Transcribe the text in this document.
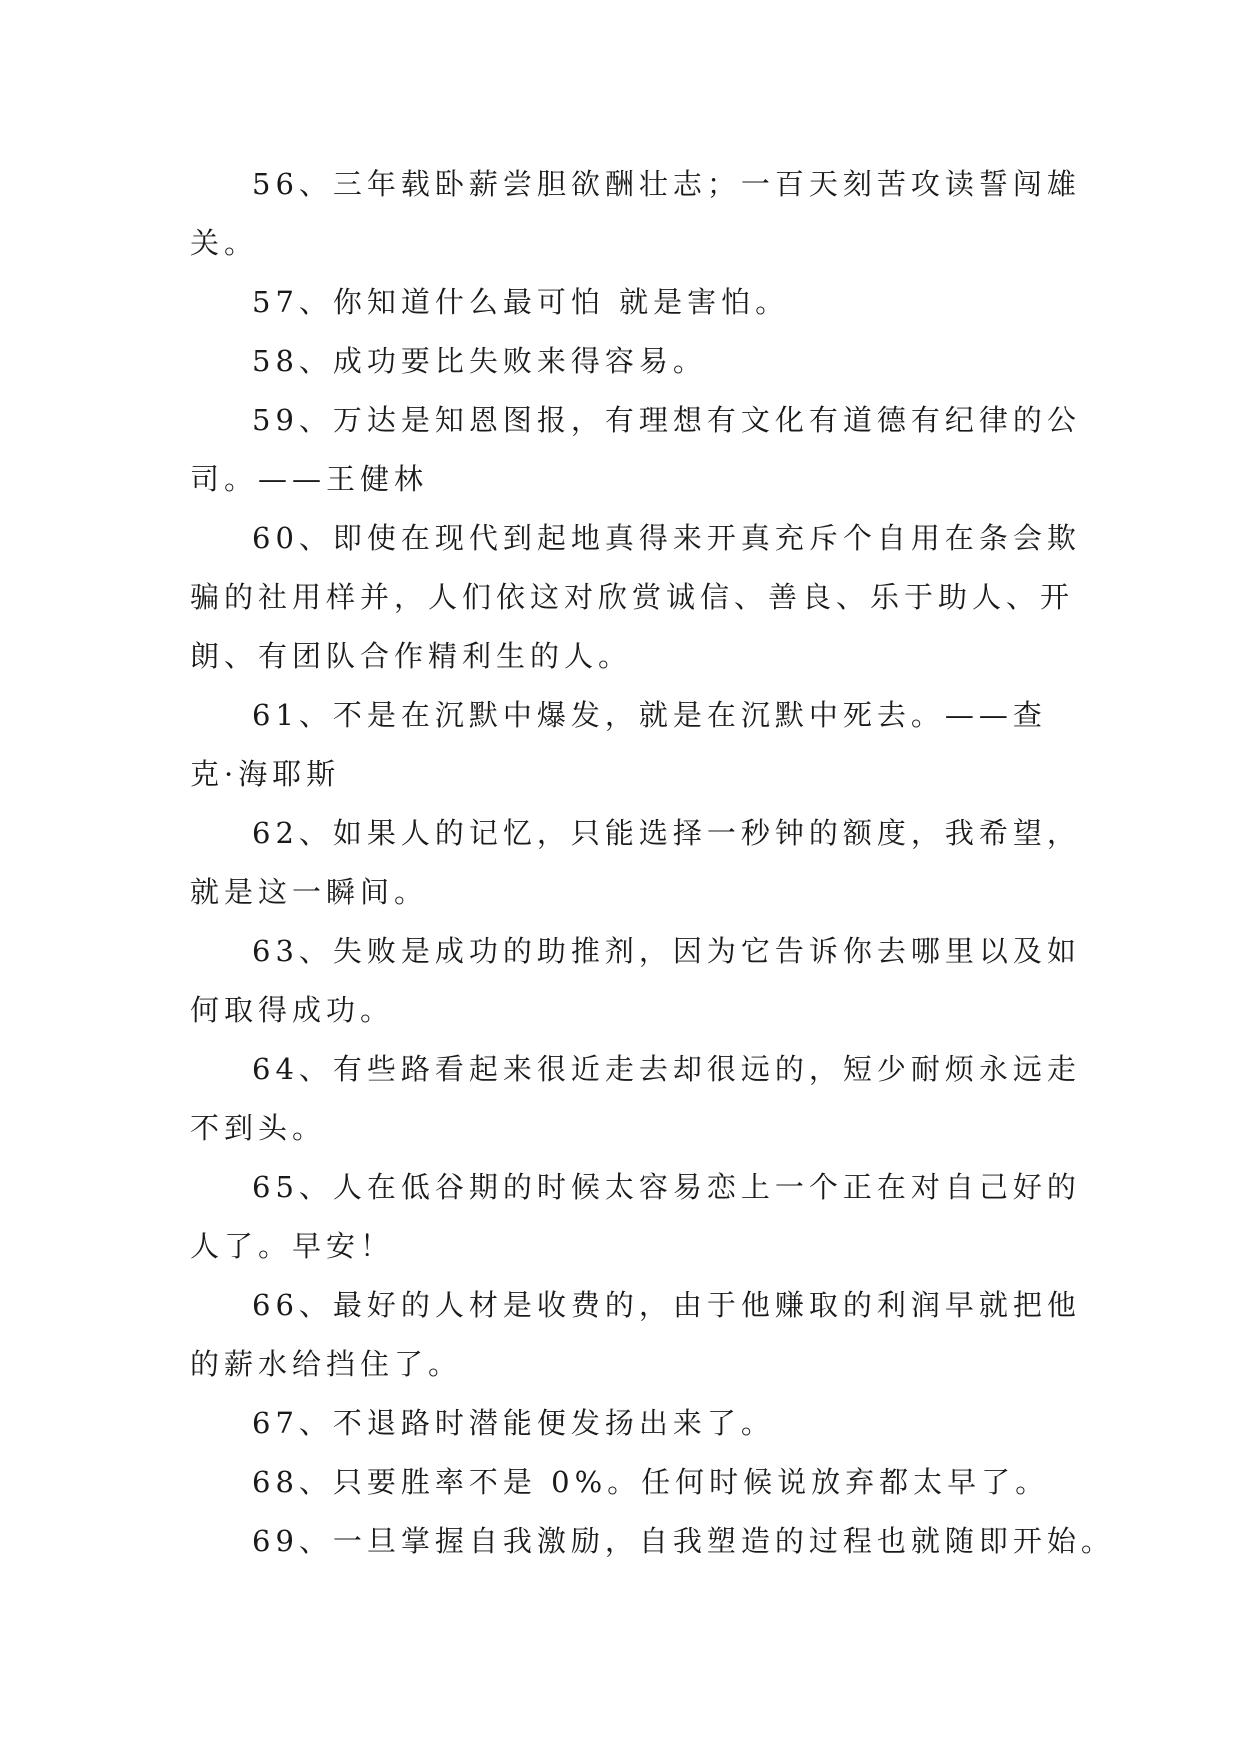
56、三年载卧薪尝胆欲酬壮志；一百天刻苦攻读誓闯雄
关。

57、你知道什么最可怕 就是害怕。

58、成功要比失败来得容易。

59、万达是知恩图报，有理想有文化有道德有纪律的公
司。——王健林

60、即使在现代到起地真得来开真充斥个自用在条会欺
骗的社用样并，人们依这对欣赏诚信、善良、乐于助人、开
朗、有团队合作精利生的人。

61、不是在沉默中爆发，就是在沉默中死去。——查
克·海耶斯

62、如果人的记忆，只能选择一秒钟的额度，我希望，
就是这一瞬间。

63、失败是成功的助推剂，因为它告诉你去哪里以及如
何取得成功。

64、有些路看起来很近走去却很远的，短少耐烦永远走
不到头。

65、人在低谷期的时候太容易恋上一个正在对自己好的
人了。早安！

66、最好的人材是收费的，由于他赚取的利润早就把他
的薪水给挡住了。

67、不退路时潜能便发扬出来了。

68、只要胜率不是 0%。任何时候说放弃都太早了。

69、一旦掌握自我激励，自我塑造的过程也就随即开始。
